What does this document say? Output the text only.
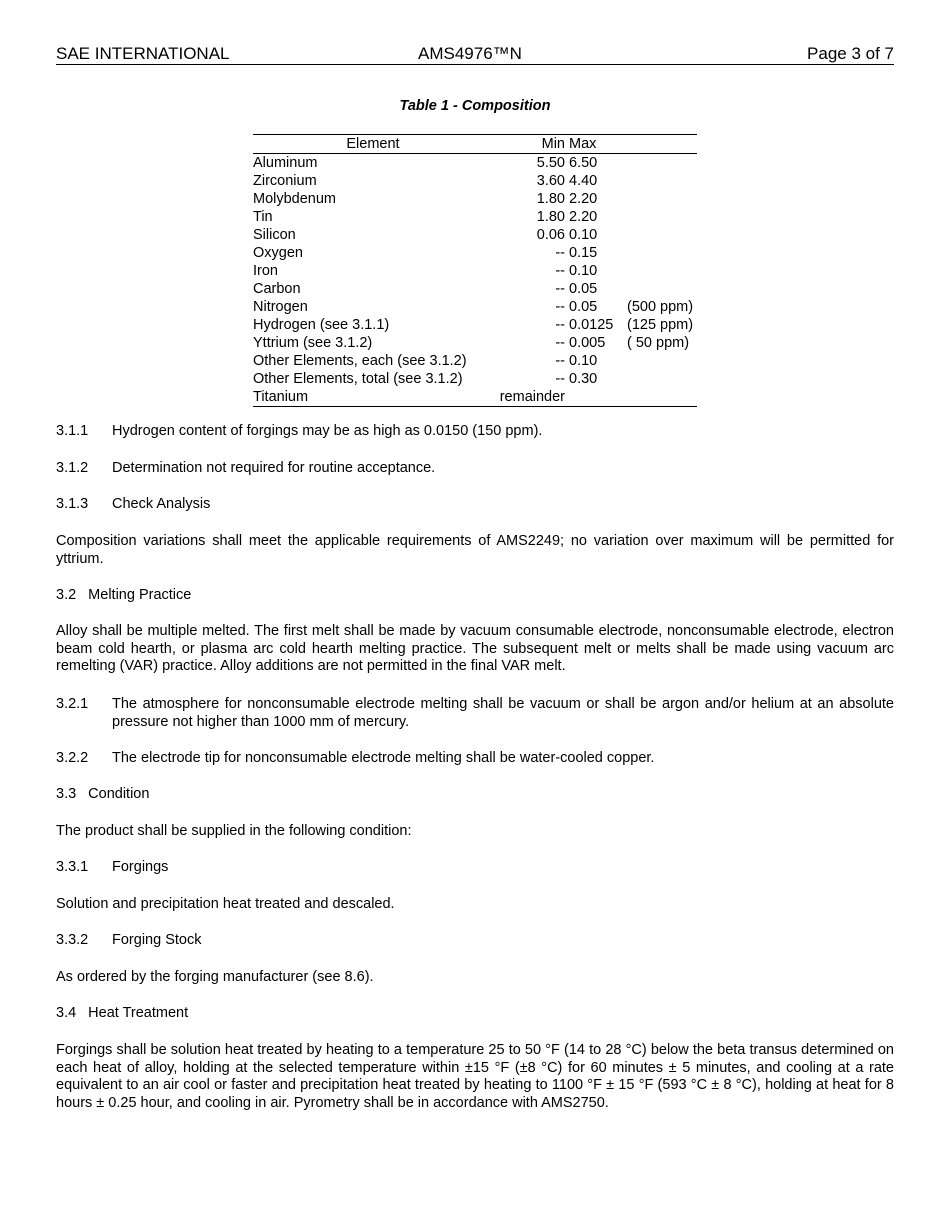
SAE INTERNATIONAL	AMS4976™N	Page 3 of 7
Table 1 - Composition
Element	Min	Max	
Aluminum	5.50	6.50	
Zirconium	3.60	4.40	
Molybdenum	1.80	2.20	
Tin	1.80	2.20	
Silicon	0.06	0.10	
Oxygen	--	0.15	
Iron	--	0.10	
Carbon	--	0.05	
Nitrogen	--	0.05	(500 ppm)
Hydrogen (see 3.1.1)	--	0.0125	(125 ppm)
Yttrium (see 3.1.2)	--	0.005	( 50 ppm)
Other Elements, each (see 3.1.2)	--	0.10	
Other Elements, total (see 3.1.2)	--	0.30	
Titanium	remainder		
3.1.1 Hydrogen content of forgings may be as high as 0.0150 (150 ppm).
3.1.2 Determination not required for routine acceptance.
3.1.3 Check Analysis

Composition variations shall meet the applicable requirements of AMS2249; no variation over maximum will be permitted for yttrium.

3.2 Melting Practice

Alloy shall be multiple melted. The first melt shall be made by vacuum consumable electrode, nonconsumable electrode, electron beam cold hearth, or plasma arc cold hearth melting practice. The subsequent melt or melts shall be made using vacuum arc remelting (VAR) practice. Alloy additions are not permitted in the final VAR melt.

3.2.1 The atmosphere for nonconsumable electrode melting shall be vacuum or shall be argon and/or helium at an absolute pressure not higher than 1000 mm of mercury.
3.2.2 The electrode tip for nonconsumable electrode melting shall be water-cooled copper.
3.3 Condition

The product shall be supplied in the following condition:

3.3.1 Forgings

Solution and precipitation heat treated and descaled.

3.3.2 Forging Stock

As ordered by the forging manufacturer (see 8.6).

3.4 Heat Treatment

Forgings shall be solution heat treated by heating to a temperature 25 to 50 °F (14 to 28 °C) below the beta transus determined on each heat of alloy, holding at the selected temperature within ±15 °F (±8 °C) for 60 minutes ± 5 minutes, and cooling at a rate equivalent to an air cool or faster and precipitation heat treated by heating to 1100 °F ± 15 °F (593 °C ± 8 °C), holding at heat for 8 hours ± 0.25 hour, and cooling in air. Pyrometry shall be in accordance with AMS2750.
